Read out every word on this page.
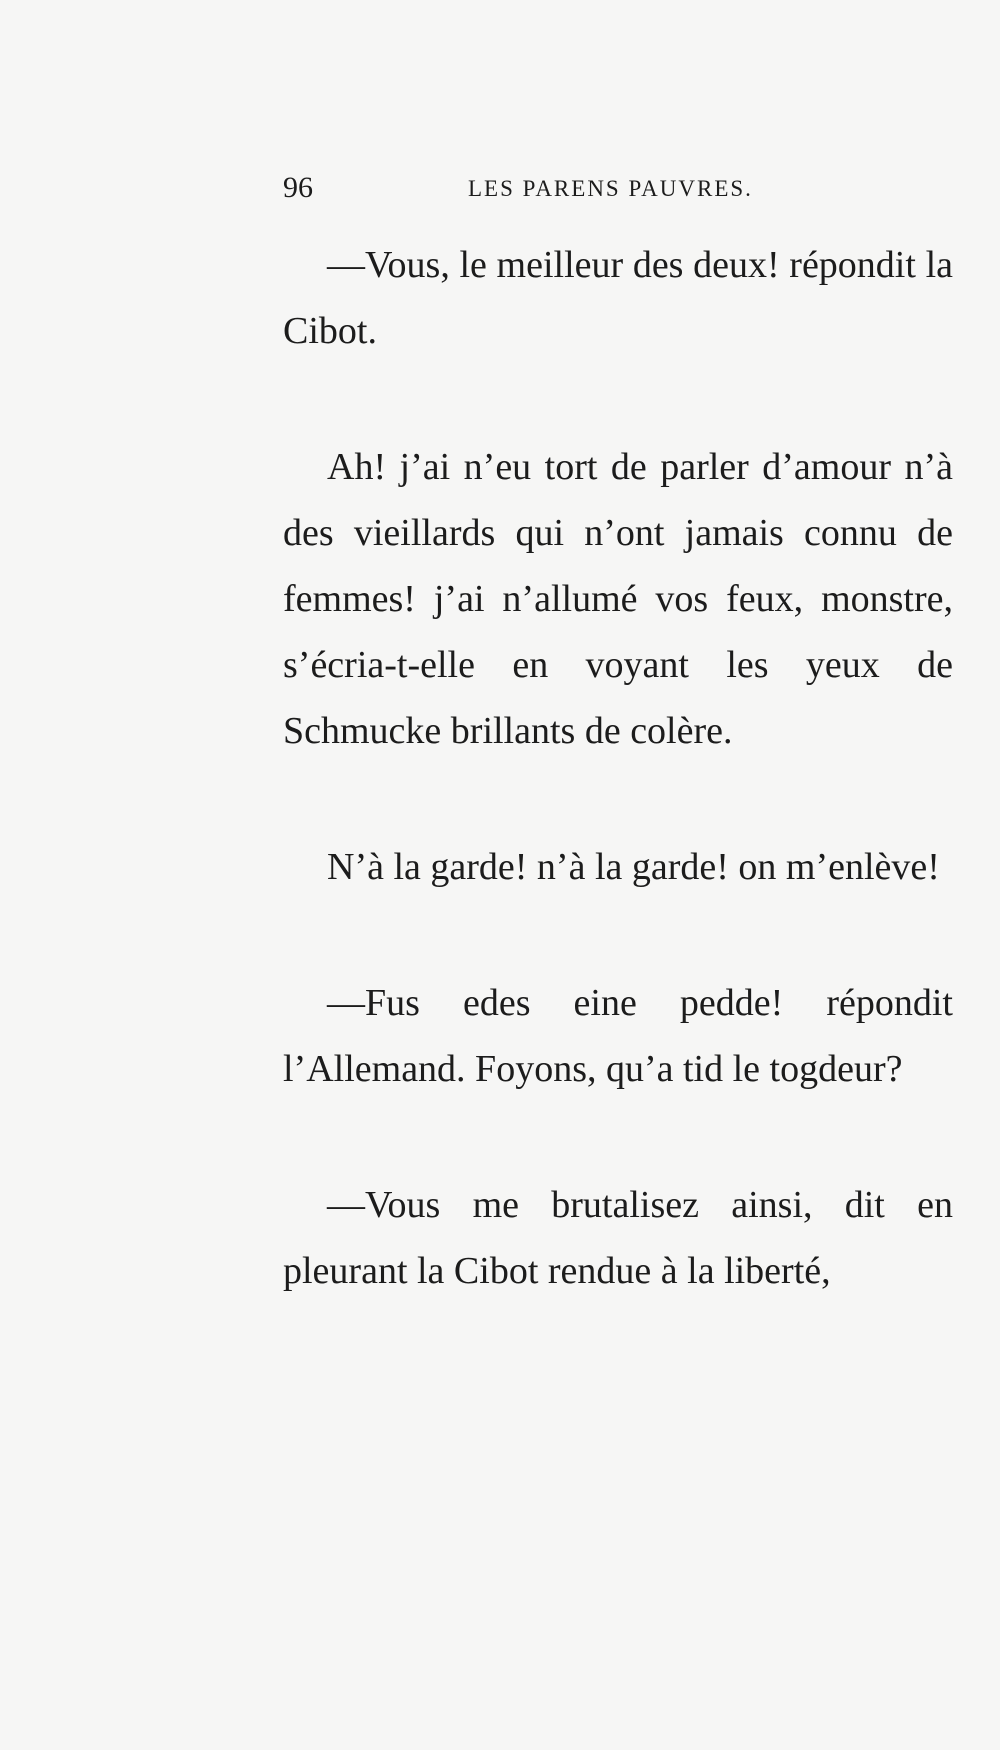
96	LES PARENS PAUVRES.

—Vous, le meilleur des deux! répondit la Cibot.

Ah! j’ai n’eu tort de parler d’amour n’à des vieillards qui n’ont jamais connu de femmes! j’ai n’allumé vos feux, monstre, s’écria-t-elle en voyant les yeux de Schmucke brillants de colère.

N’à la garde! n’à la garde! on m’enlève!

—Fus edes eine pedde! répondit l’Allemand. Foyons, qu’a tid le togdeur?

—Vous me brutalisez ainsi, dit en pleurant la Cibot rendue à la liberté,
